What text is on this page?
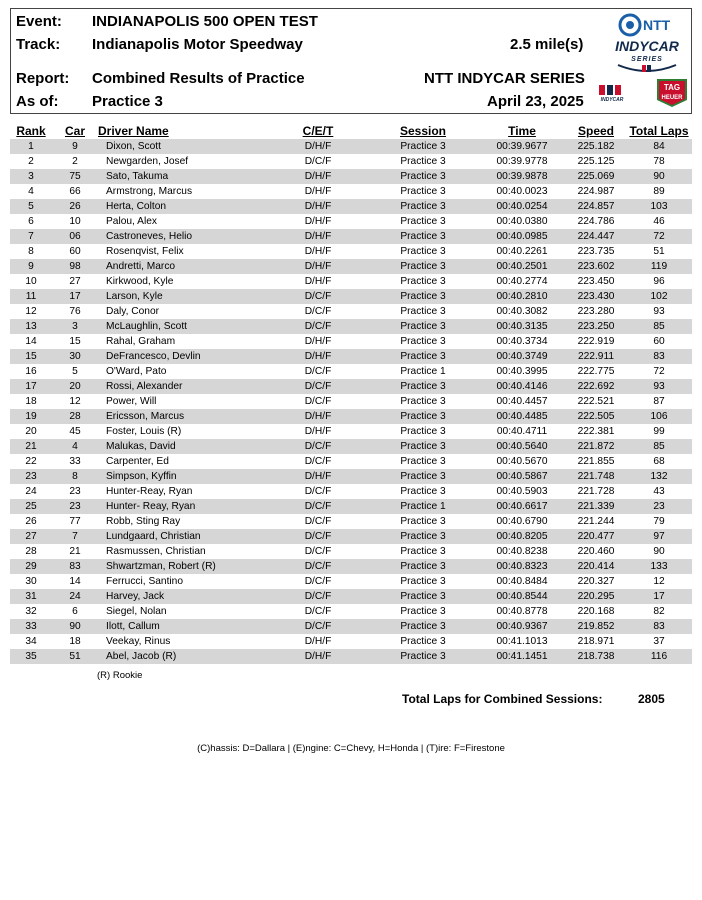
Event: INDIANAPOLIS 500 OPEN TEST
Track: Indianapolis Motor Speedway	2.5 mile(s)
Report: Combined Results of Practice	NTT INDYCAR SERIES
As of: Practice 3	April 23, 2025
NTT
INDYCAR
SERIES
INDYCAR
TAG
HEUER
Rank	Car	Driver Name	C/E/T	Session	Time	Speed	Total Laps
1	9	Dixon, Scott	D/H/F	Practice 3	00:39.9677	225.182	84
2	2	Newgarden, Josef	D/C/F	Practice 3	00:39.9778	225.125	78
3	75	Sato, Takuma	D/H/F	Practice 3	00:39.9878	225.069	90
4	66	Armstrong, Marcus	D/H/F	Practice 3	00:40.0023	224.987	89
5	26	Herta, Colton	D/H/F	Practice 3	00:40.0254	224.857	103
6	10	Palou, Alex	D/H/F	Practice 3	00:40.0380	224.786	46
7	06	Castroneves, Helio	D/H/F	Practice 3	00:40.0985	224.447	72
8	60	Rosenqvist, Felix	D/H/F	Practice 3	00:40.2261	223.735	51
9	98	Andretti, Marco	D/H/F	Practice 3	00:40.2501	223.602	119
10	27	Kirkwood, Kyle	D/H/F	Practice 3	00:40.2774	223.450	96
11	17	Larson, Kyle	D/C/F	Practice 3	00:40.2810	223.430	102
12	76	Daly, Conor	D/C/F	Practice 3	00:40.3082	223.280	93
13	3	McLaughlin, Scott	D/C/F	Practice 3	00:40.3135	223.250	85
14	15	Rahal, Graham	D/H/F	Practice 3	00:40.3734	222.919	60
15	30	DeFrancesco, Devlin	D/H/F	Practice 3	00:40.3749	222.911	83
16	5	O'Ward, Pato	D/C/F	Practice 1	00:40.3995	222.775	72
17	20	Rossi, Alexander	D/C/F	Practice 3	00:40.4146	222.692	93
18	12	Power, Will	D/C/F	Practice 3	00:40.4457	222.521	87
19	28	Ericsson, Marcus	D/H/F	Practice 3	00:40.4485	222.505	106
20	45	Foster, Louis (R)	D/H/F	Practice 3	00:40.4711	222.381	99
21	4	Malukas, David	D/C/F	Practice 3	00:40.5640	221.872	85
22	33	Carpenter, Ed	D/C/F	Practice 3	00:40.5670	221.855	68
23	8	Simpson, Kyffin	D/H/F	Practice 3	00:40.5867	221.748	132
24	23	Hunter-Reay, Ryan	D/C/F	Practice 3	00:40.5903	221.728	43
25	23	Hunter- Reay, Ryan	D/C/F	Practice 1	00:40.6617	221.339	23
26	77	Robb, Sting Ray	D/C/F	Practice 3	00:40.6790	221.244	79
27	7	Lundgaard, Christian	D/C/F	Practice 3	00:40.8205	220.477	97
28	21	Rasmussen, Christian	D/C/F	Practice 3	00:40.8238	220.460	90
29	83	Shwartzman, Robert (R)	D/C/F	Practice 3	00:40.8323	220.414	133
30	14	Ferrucci, Santino	D/C/F	Practice 3	00:40.8484	220.327	12
31	24	Harvey, Jack	D/C/F	Practice 3	00:40.8544	220.295	17
32	6	Siegel, Nolan	D/C/F	Practice 3	00:40.8778	220.168	82
33	90	Ilott, Callum	D/C/F	Practice 3	00:40.9367	219.852	83
34	18	Veekay, Rinus	D/H/F	Practice 3	00:41.1013	218.971	37
35	51	Abel, Jacob (R)	D/H/F	Practice 3	00:41.1451	218.738	116
(R) Rookie
Total Laps for Combined Sessions:	2805
(C)hassis: D=Dallara | (E)ngine: C=Chevy, H=Honda | (T)ire: F=Firestone
